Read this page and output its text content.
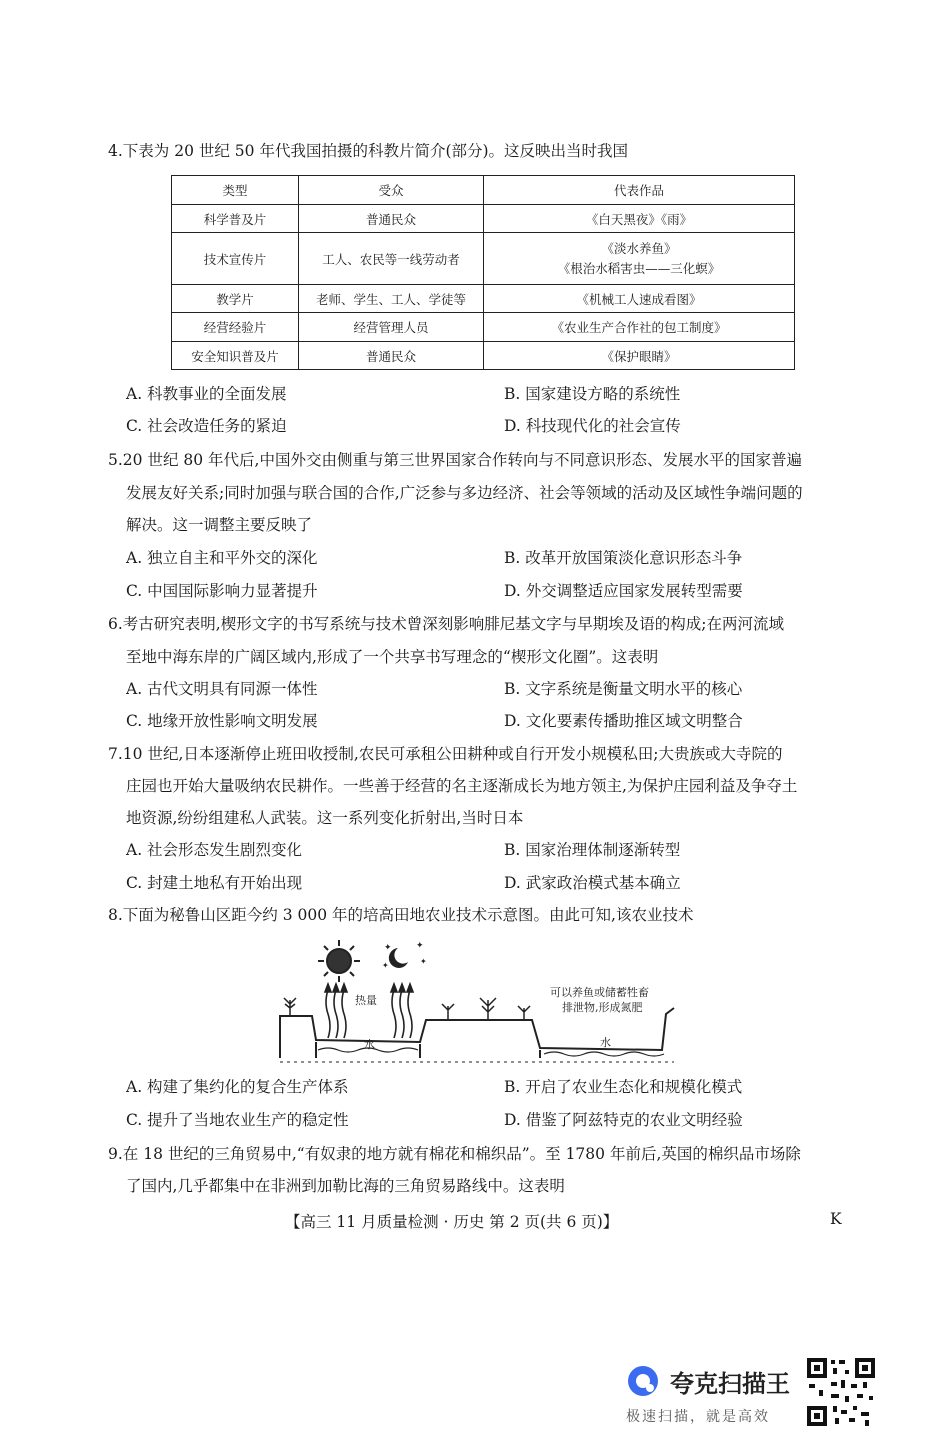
4.下表为 20 世纪 50 年代我国拍摄的科教片简介(部分)。这反映出当时我国
类型	受众	代表作品
科学普及片	普通民众	《白天黑夜》《雨》
技术宣传片	工人、农民等一线劳动者	《淡水养鱼》
《根治水稻害虫——三化螟》

教学片	老师、学生、工人、学徒等	《机械工人速成看图》
经营经验片	经营管理人员	《农业生产合作社的包工制度》
安全知识普及片	普通民众	《保护眼睛》
A. 科教事业的全面发展	B. 国家建设方略的系统性
C. 社会改造任务的紧迫	D. 科技现代化的社会宣传
5.20 世纪 80 年代后,中国外交由侧重与第三世界国家合作转向与不同意识形态、发展水平的国家普遍
发展友好关系;同时加强与联合国的合作,广泛参与多边经济、社会等领域的活动及区域性争端问题的
解决。这一调整主要反映了
A. 独立自主和平外交的深化	B. 改革开放国策淡化意识形态斗争
C. 中国国际影响力显著提升	D. 外交调整适应国家发展转型需要
6.考古研究表明,楔形文字的书写系统与技术曾深刻影响腓尼基文字与早期埃及语的构成;在两河流域
至地中海东岸的广阔区域内,形成了一个共享书写理念的“楔形文化圈”。这表明
A. 古代文明具有同源一体性	B. 文字系统是衡量文明水平的核心
C. 地缘开放性影响文明发展	D. 文化要素传播助推区域文明整合
7.10 世纪,日本逐渐停止班田收授制,农民可承租公田耕种或自行开发小规模私田;大贵族或大寺院的
庄园也开始大量吸纳农民耕作。一些善于经营的名主逐渐成长为地方领主,为保护庄园利益及争夺土
地资源,纷纷组建私人武装。这一系列变化折射出,当时日本
A. 社会形态发生剧烈变化	B. 国家治理体制逐渐转型
C. 封建土地私有开始出现	D. 武家政治模式基本确立
8.下面为秘鲁山区距今约 3 000 年的培高田地农业技术示意图。由此可知,该农业技术
✦	✦
✦
✦
热量
水	水
可以养鱼或储蓄牲畜
排泄物,形成氮肥
A. 构建了集约化的复合生产体系	B. 开启了农业生态化和规模化模式
C. 提升了当地农业生产的稳定性	D. 借鉴了阿兹特克的农业文明经验
9.在 18 世纪的三角贸易中,“有奴隶的地方就有棉花和棉织品”。至 1780 年前后,英国的棉织品市场除
了国内,几乎都集中在非洲到加勒比海的三角贸易路线中。这表明
【高三 11 月质量检测 · 历史 第 2 页(共 6 页)】	K
夸克扫描王
极速扫描，就是高效
